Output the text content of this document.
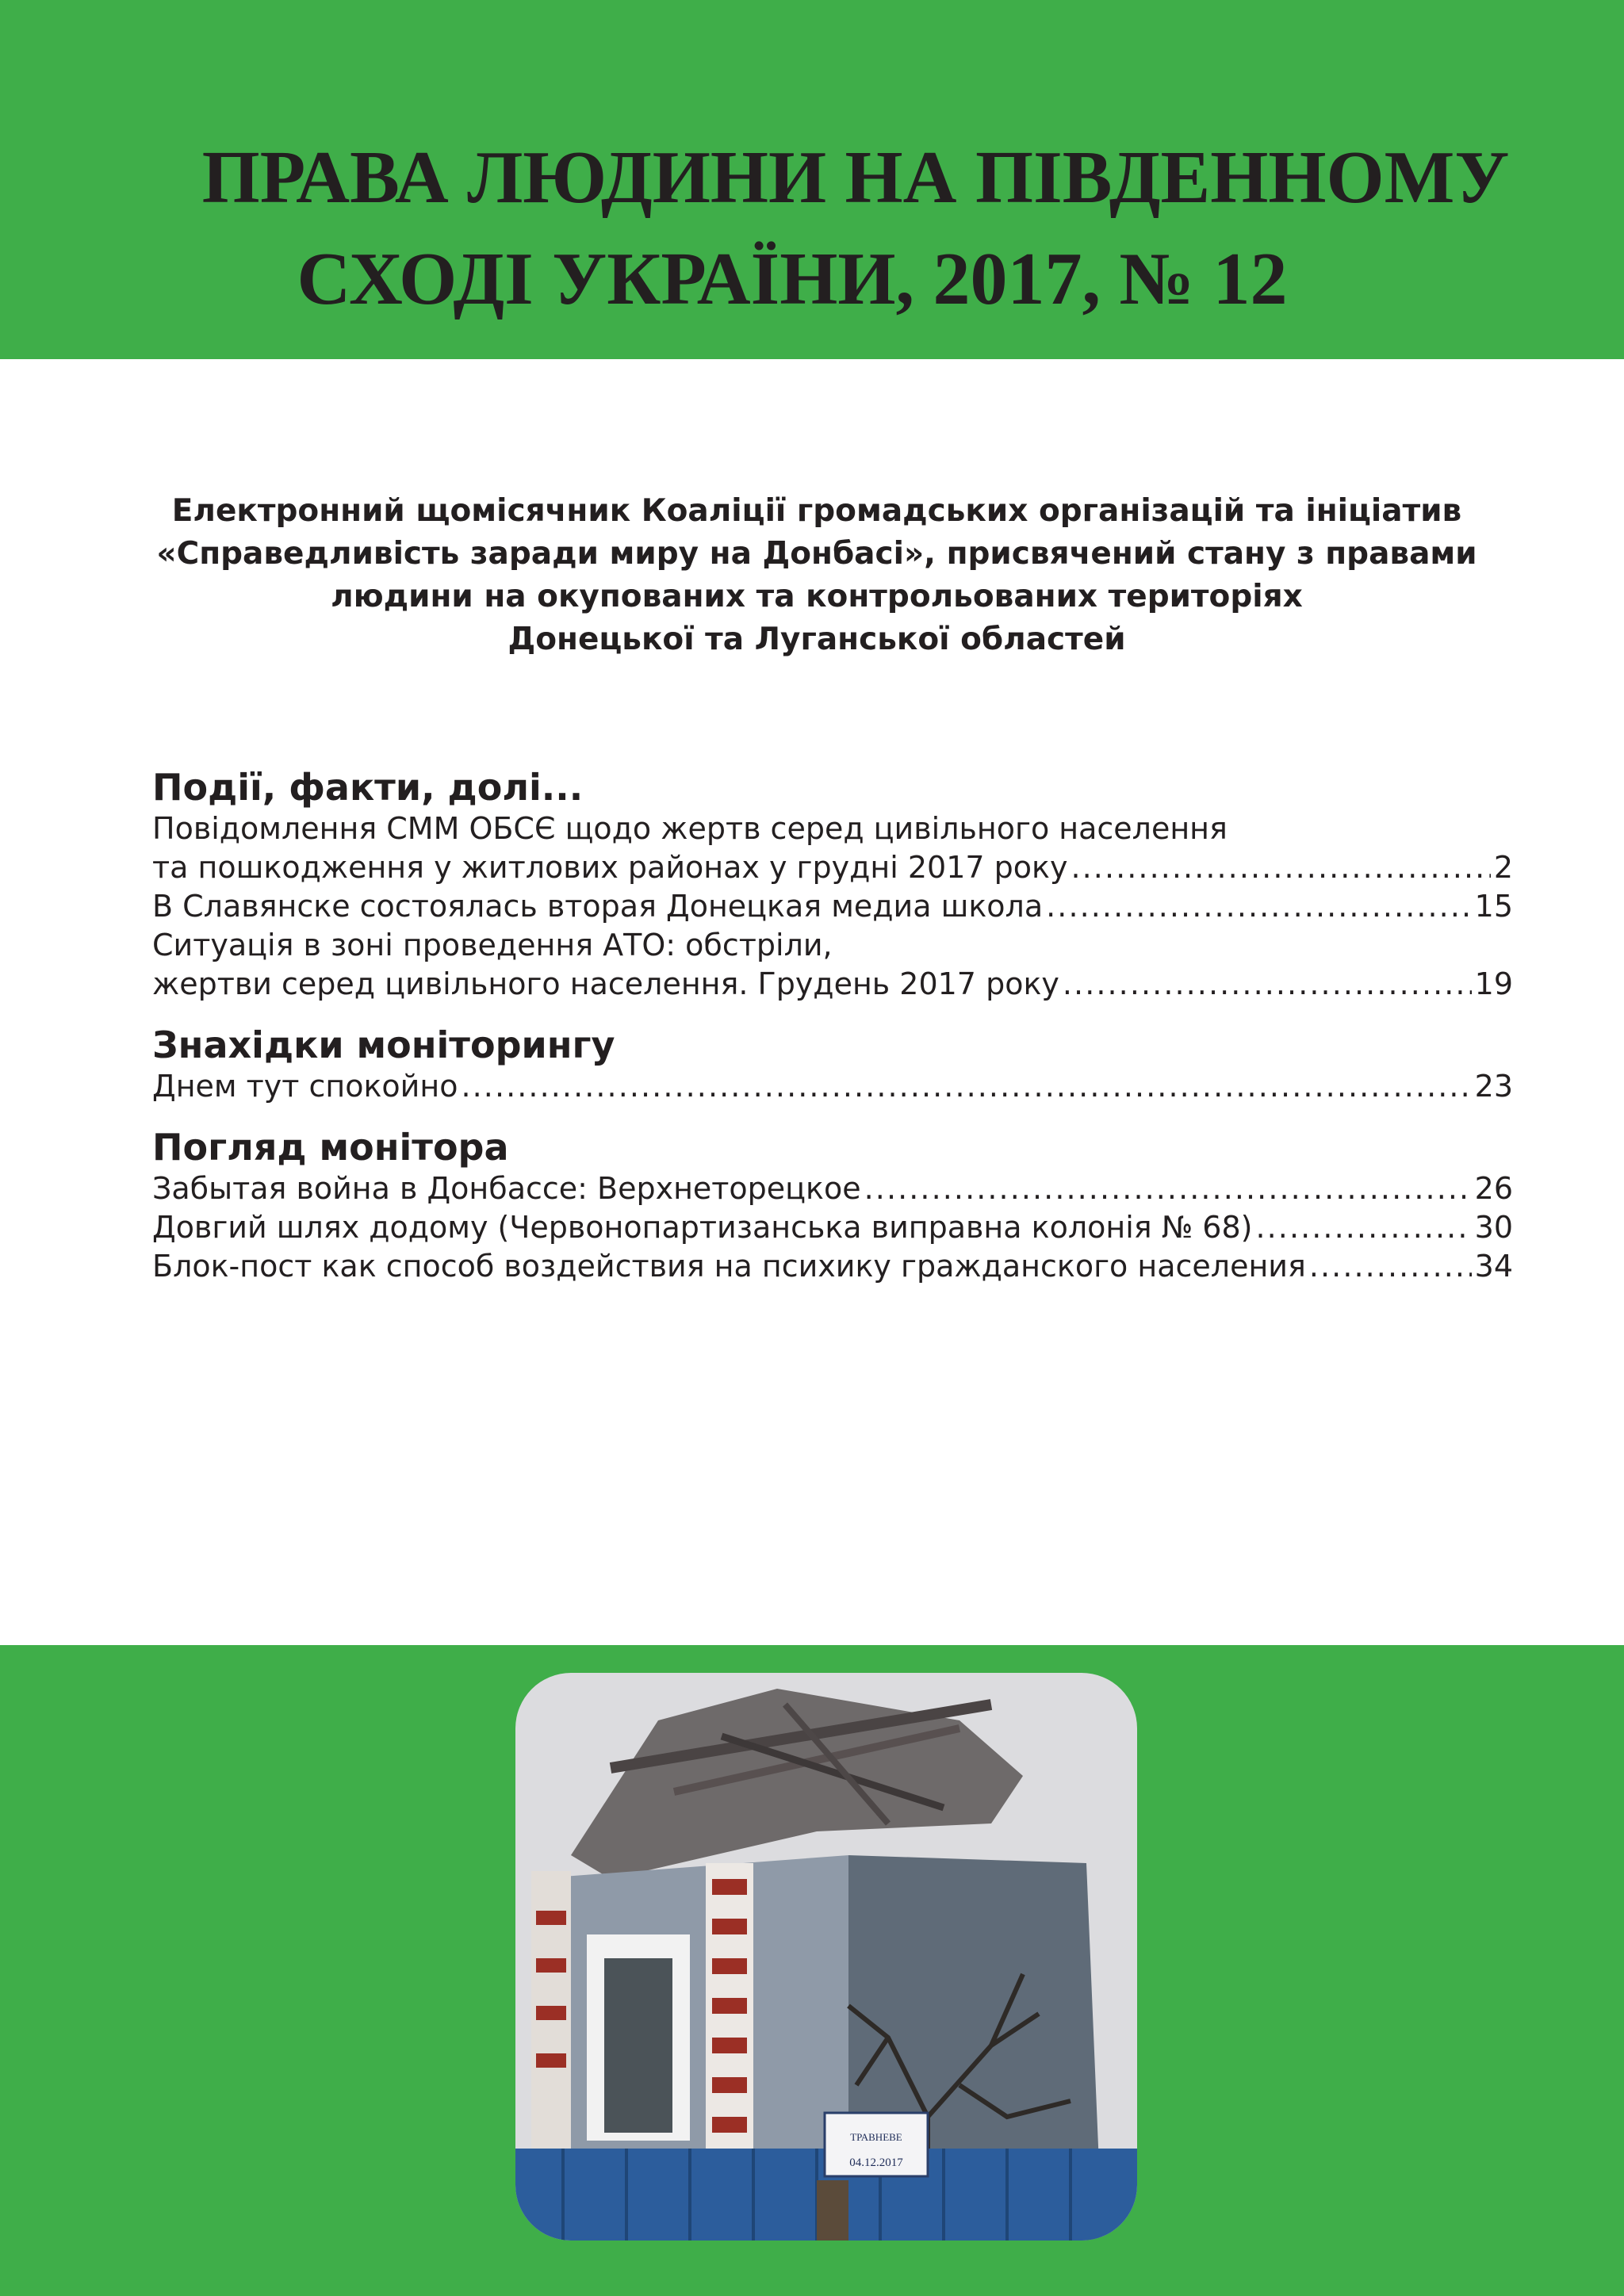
ПРАВА ЛЮДИНИ НА ПІВДЕННОМУ
СХОДІ УКРАЇНИ, 2017, № 12
Електронний щомісячник Коаліції громадських організацій та ініціатив
«Справедливість заради миру на Донбасі», присвячений стану з правами
людини на окупованих та контрольованих територіях
Донецької та Луганської областей
Події, факти, долі...
Повідомлення СММ ОБСЄ щодо жертв серед цивільного населення
та пошкодження у житлових районах у грудні 2017 року . . .	2
В Славянске состоялась вторая Донецкая медиа школа . . .	15
Ситуація в зоні проведення АТО: обстріли,
жертви серед цивільного населення. Грудень 2017 року . . .	19
Знахідки моніторингу
Днем тут спокойно . . .	23
Погляд монітора
Забытая война в Донбассе: Верхнеторецкое . . .	26
Довгий шлях додому (Червонопартизанська виправна колонія № 68) . . .	30
Блок-пост как способ воздействия на психику гражданского населения . . .	34
ТРАВНЕВЕ
04.12.2017
